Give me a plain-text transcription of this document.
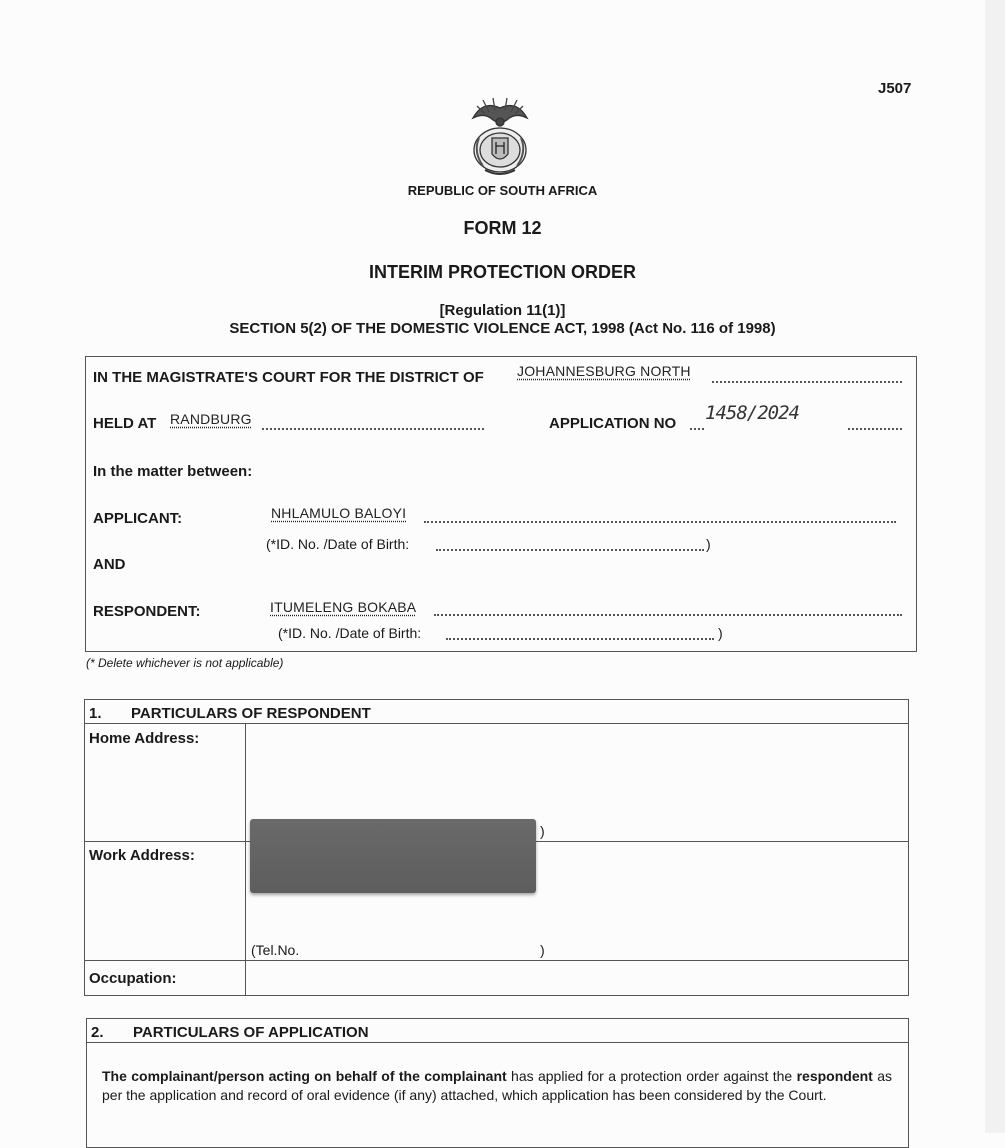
J507
REPUBLIC OF SOUTH AFRICA
FORM 12
INTERIM PROTECTION ORDER
[Regulation 11(1)]
SECTION 5(2) OF THE DOMESTIC VIOLENCE ACT, 1998 (Act No. 116 of 1998)
IN THE MAGISTRATE'S COURT FOR THE DISTRICT OF JOHANNESBURG NORTH
HELD AT RANDBURG	APPLICATION NO 1458/2024
In the matter between:
APPLICANT:	NHLAMULO BALOYI
(*ID. No. /Date of Birth:	)
AND
RESPONDENT:	ITUMELENG BOKABA
(*ID. No. /Date of Birth:	)
(* Delete whichever is not applicable)
1. PARTICULARS OF RESPONDENT
Home Address:
)
Work Address:
(Tel.No.	)
Occupation:
2. PARTICULARS OF APPLICATION
The complainant/person acting on behalf of the complainant has applied for a protection order against the respondent as per the application and record of oral evidence (if any) attached, which application has been considered by the Court.
